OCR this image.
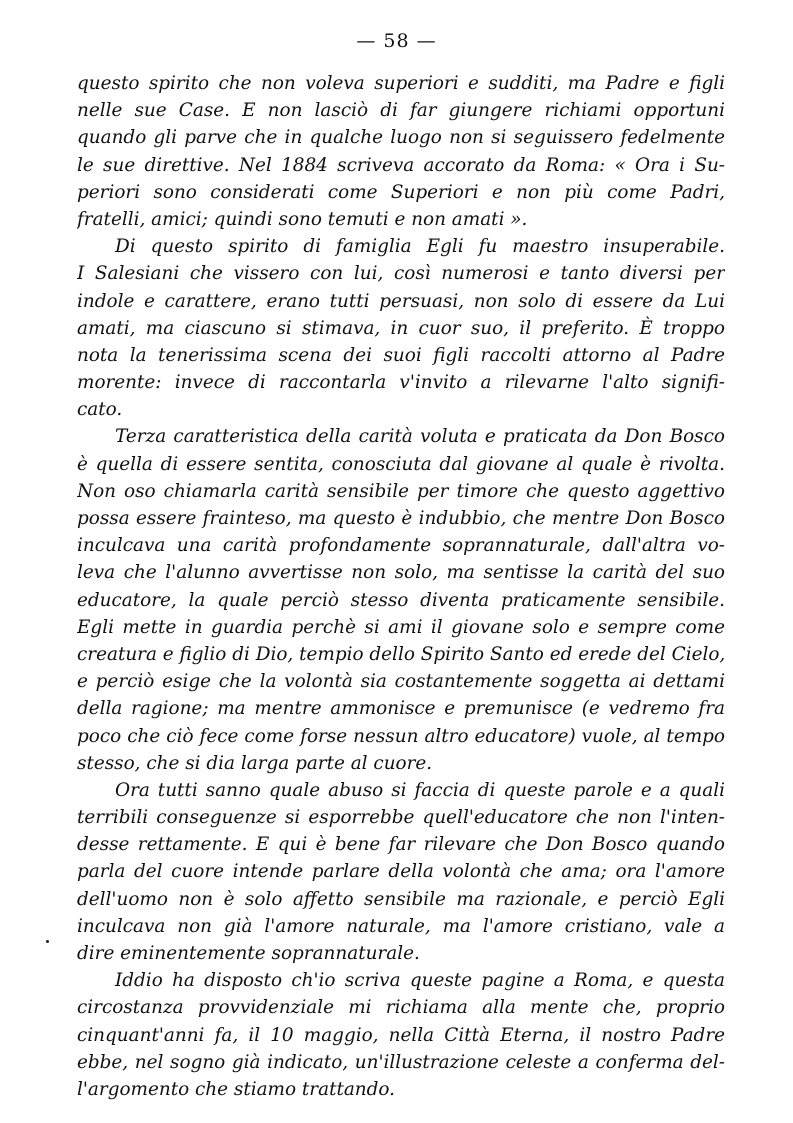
— 58 —
questo spirito che non voleva superiori e sudditi, ma Padre e figli
nelle sue Case. E non lasciò di far giungere richiami opportuni
quando gli parve che in qualche luogo non si seguissero fedelmente
le sue direttive. Nel 1884 scriveva accorato da Roma: « Ora i Su-
periori sono considerati come Superiori e non più come Padri,
fratelli, amici; quindi sono temuti e non amati ».
Di questo spirito di famiglia Egli fu maestro insuperabile.
I Salesiani che vissero con lui, così numerosi e tanto diversi per
indole e carattere, erano tutti persuasi, non solo di essere da Lui
amati, ma ciascuno si stimava, in cuor suo, il preferito. È troppo
nota la tenerissima scena dei suoi figli raccolti attorno al Padre
morente: invece di raccontarla v'invito a rilevarne l'alto signifi-
cato.
Terza caratteristica della carità voluta e praticata da Don Bosco
è quella di essere sentita, conosciuta dal giovane al quale è rivolta.
Non oso chiamarla carità sensibile per timore che questo aggettivo
possa essere frainteso, ma questo è indubbio, che mentre Don Bosco
inculcava una carità profondamente soprannaturale, dall'altra vo-
leva che l'alunno avvertisse non solo, ma sentisse la carità del suo
educatore, la quale perciò stesso diventa praticamente sensibile.
Egli mette in guardia perchè si ami il giovane solo e sempre come
creatura e figlio di Dio, tempio dello Spirito Santo ed erede del Cielo,
e perciò esige che la volontà sia costantemente soggetta ai dettami
della ragione; ma mentre ammonisce e premunisce (e vedremo fra
poco che ciò fece come forse nessun altro educatore) vuole, al tempo
stesso, che si dia larga parte al cuore.
Ora tutti sanno quale abuso si faccia di queste parole e a quali
terribili conseguenze si esporrebbe quell'educatore che non l'inten-
desse rettamente. E qui è bene far rilevare che Don Bosco quando
parla del cuore intende parlare della volontà che ama; ora l'amore
dell'uomo non è solo affetto sensibile ma razionale, e perciò Egli
inculcava non già l'amore naturale, ma l'amore cristiano, vale a
dire eminentemente soprannaturale.
Iddio ha disposto ch'io scriva queste pagine a Roma, e questa
circostanza provvidenziale mi richiama alla mente che, proprio
cinquant'anni fa, il 10 maggio, nella Città Eterna, il nostro Padre
ebbe, nel sogno già indicato, un'illustrazione celeste a conferma del-
l'argomento che stiamo trattando.
